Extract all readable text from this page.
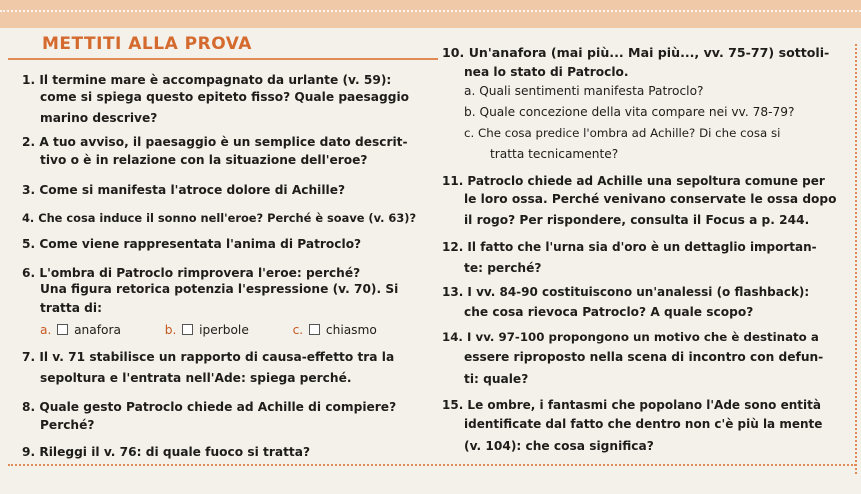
METTITI ALLA PROVA
1. Il termine mare è accompagnato da urlante (v. 59):
come si spiega questo epiteto fisso? Quale paesaggio
marino descrive?
2. A tuo avviso, il paesaggio è un semplice dato descrit-
tivo o è in relazione con la situazione dell'eroe?
3. Come si manifesta l'atroce dolore di Achille?
4. Che cosa induce il sonno nell'eroe? Perché è soave (v. 63)?
5. Come viene rappresentata l'anima di Patroclo?
6. L'ombra di Patroclo rimprovera l'eroe: perché?
Una figura retorica potenzia l'espressione (v. 70). Si
tratta di:
a. anafora	b. iperbole	c. chiasmo
7. Il v. 71 stabilisce un rapporto di causa-effetto tra la
sepoltura e l'entrata nell'Ade: spiega perché.
8. Quale gesto Patroclo chiede ad Achille di compiere?
Perché?
9. Rileggi il v. 76: di quale fuoco si tratta?
10. Un'anafora (mai più... Mai più..., vv. 75-77) sottoli-
nea lo stato di Patroclo.
a. Quali sentimenti manifesta Patroclo?
b. Quale concezione della vita compare nei vv. 78-79?
c. Che cosa predice l'ombra ad Achille? Di che cosa si
tratta tecnicamente?
11. Patroclo chiede ad Achille una sepoltura comune per
le loro ossa. Perché venivano conservate le ossa dopo
il rogo? Per rispondere, consulta il Focus a p. 244.
12. Il fatto che l'urna sia d'oro è un dettaglio importan-
te: perché?
13. I vv. 84-90 costituiscono un'analessi (o flashback):
che cosa rievoca Patroclo? A quale scopo?
14. I vv. 97-100 propongono un motivo che è destinato a
essere riproposto nella scena di incontro con defun-
ti: quale?
15. Le ombre, i fantasmi che popolano l'Ade sono entità
identificate dal fatto che dentro non c'è più la mente
(v. 104): che cosa significa?
